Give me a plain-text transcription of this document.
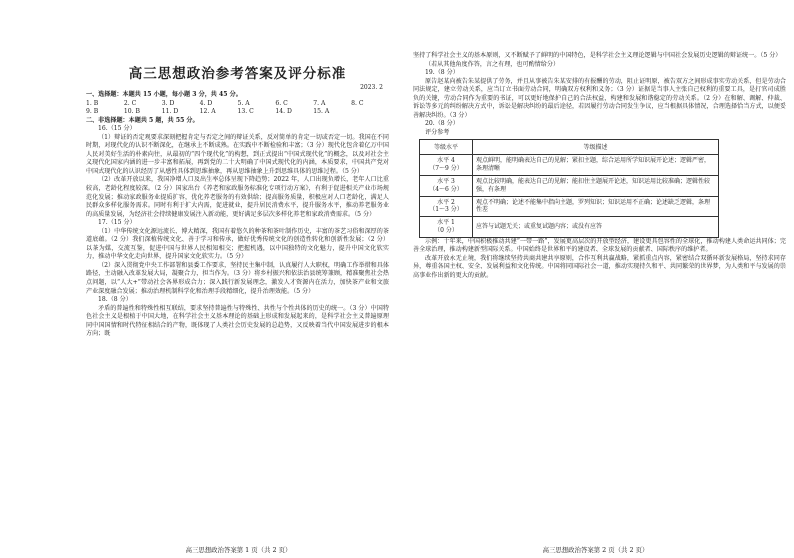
高三思想政治参考答案及评分标准
2023. 2

一、选择题：本题共 15 小题，每小题 3 分，共 45 分。

1. B	2. C	3. D	4. D	5. A	6. C	7. A	8. C
9. B	10. B	11. D	12. A	13. C	14. D	15. A

二、非选择题：本题共 5 题，共 55 分。

16.（15 分）

（1）辩证的否定观要求深刻把握肯定与否定之间的辩证关系，反对简单的肯定一切或否定一切。我国在不同时期，对现代化的认识不断深化，在继承上不断成熟。在实践中不断检验和丰富；（3 分）现代化包含着亿万中国人民对美好生活的朴素向往，从最初的“四个现代化”的构想，到正式提出“中国式现代化”的概念，以及对社会主义现代化国家内涵的进一步丰富和拓展，再到党的二十大明确了中国式现代化的内涵，本质要求，中国共产党对中国式现代化的认识经历了从感性具体到思维抽象，再从思维抽象上升到思维具体的思维过程。（5 分）

（2）改革开放以来，我国净增人口及出生率总体呈现下降趋势；2022 年，人口出现负增长，老年人口比重较高，老龄化程度较深。（2 分）国家出台《养老和家政服务标准化专项行动方案》，有利于促进相关产业市场规范化发展；推动家政服务业提质扩容，优化养老服务的有效供给；提高服务质量，积极应对人口老龄化，满足人民群众多样化服务需求。同时有利于扩大内需，促进就业，提升居民消费水平，提升服务水平，推动养老服务业的高质量发展，为经济社会持续健康发展注入新动能，更好满足多层次多样化养老和家政消费需求。（5 分）

17.（15 分）

（1）中华传统文化源远流长、博大精深，我国有着悠久的种茶和茶叶制作历史，丰富的茶艺习俗和深厚的茶道底蕴。（2 分）我们深植传统文化、善于学习和传承，做好优秀传统文化的创造性转化和创新性发展；（2 分）以茶为媒，交流互鉴，促进中国与世界人民相知相交；把握机遇，以中国独特的文化魅力，提升中国文化软实力，推动中华文化走向世界，提升国家文化软实力。（5 分）

（2）深入贯彻党中央工作部署和县委工作要求，坚持民主集中制，认真履行人大职权，明确工作举措和具体路径，主动融入改革发展大局，凝聚合力，担当作为。（3 分）将乡村振兴和依法治县统筹兼顾，精准聚焦社会热点问题，以“人大+”带动社会各界形成合力；深入践行新发展理念，激发人才资源内在活力，加快茶产业和文旅产业深度融合发展；推动治理机制科学化和治理手段精细化，提升治理效能。（5 分）

18.（8 分）

矛盾的普遍性和特殊性相互联结，要求坚持普遍性与特殊性、共性与个性共体的历史的统一。（3 分）中国特色社会主义是根植于中国大地，在科学社会主义基本理论的基础上形成和发展起来的，是科学社会主义普遍原理同中国国情和时代特征相结合的产物，既体现了人类社会历史发展的总趋势，又反映着当代中国发展进步的根本方向；既

高三思想政治答案第 1 页（共 2 页）

坚持了科学社会主义的基本原则，又不断赋予了鲜明的中国特色，是科学社会主义理论逻辑与中国社会发展历史逻辑的辩证统一。（5 分）

（若从其他角度作答，言之有理，也可酌情给分）

19.（8 分）

原告赵某向被告朱某提供了劳务，并且从事被告朱某安排的有报酬的劳动，阻止证明原，被告双方之间形成事实劳动关系，但是劳动合同法规定，建立劳动关系，应当订立书面劳动合同，明确双方权利和义务；（3 分）证据是当事人主张自己权利的重要工具，是打官司成胜负的关键，劳动合同作为重要的书证，可以更好地保护自己的合法权益，构建和发展和谐稳定的劳动关系。（2 分）在和解、调解、仲裁、诉讼等多元的纠纷解决方式中，诉讼是解决纠纷的最后途径，若因履行劳动合同发生争议，应当根据具体情况，合理选择恰当方式，以便妥善解决纠纷。（3 分）

20.（8 分）

评分参考

等级水平	等级描述
水平 4
（7～9 分）	观点鲜明，能明确表达自己的见解；紧扣主题，综合运用所学知识展开论述；逻辑严密，条理清晰
水平 3
（4～6 分）	观点比较明确，能表达自己的见解；能扣住主题展开论述，知识运用比较准确；逻辑性较强，有条理
水平 2
（1～3 分）	观点不明确；论述不能集中指向主题，罗列知识；知识运用不正确；论述缺乏逻辑，条理性差
水平 1
（0 分）	应答与试题无关；或重复试题内容；或没有应答

示例：十年来，中国积极推动共建“一带一路”，发展更高层次的开放型经济，建设更具包容性的全球化，推动构建人类命运共同体；完善全球治理，推动构建新型国际关系。中国始终是世界和平的建设者、全球发展的贡献者、国际秩序的维护者。

改革开放永无止境，我们将继续坚持共商共建共享原则，合作互利共赢战略，紧抓重点内容，紧密结合双循环新发展格局，坚持求同存异，尊重各国主权、安全、发展利益和文化传统。中国将同国际社会一道，推动实现持久和平、共同繁荣的世界梦，为人类和平与发展的崇高事业作出新的更大的贡献。

高三思想政治答案第 2 页（共 2 页）
